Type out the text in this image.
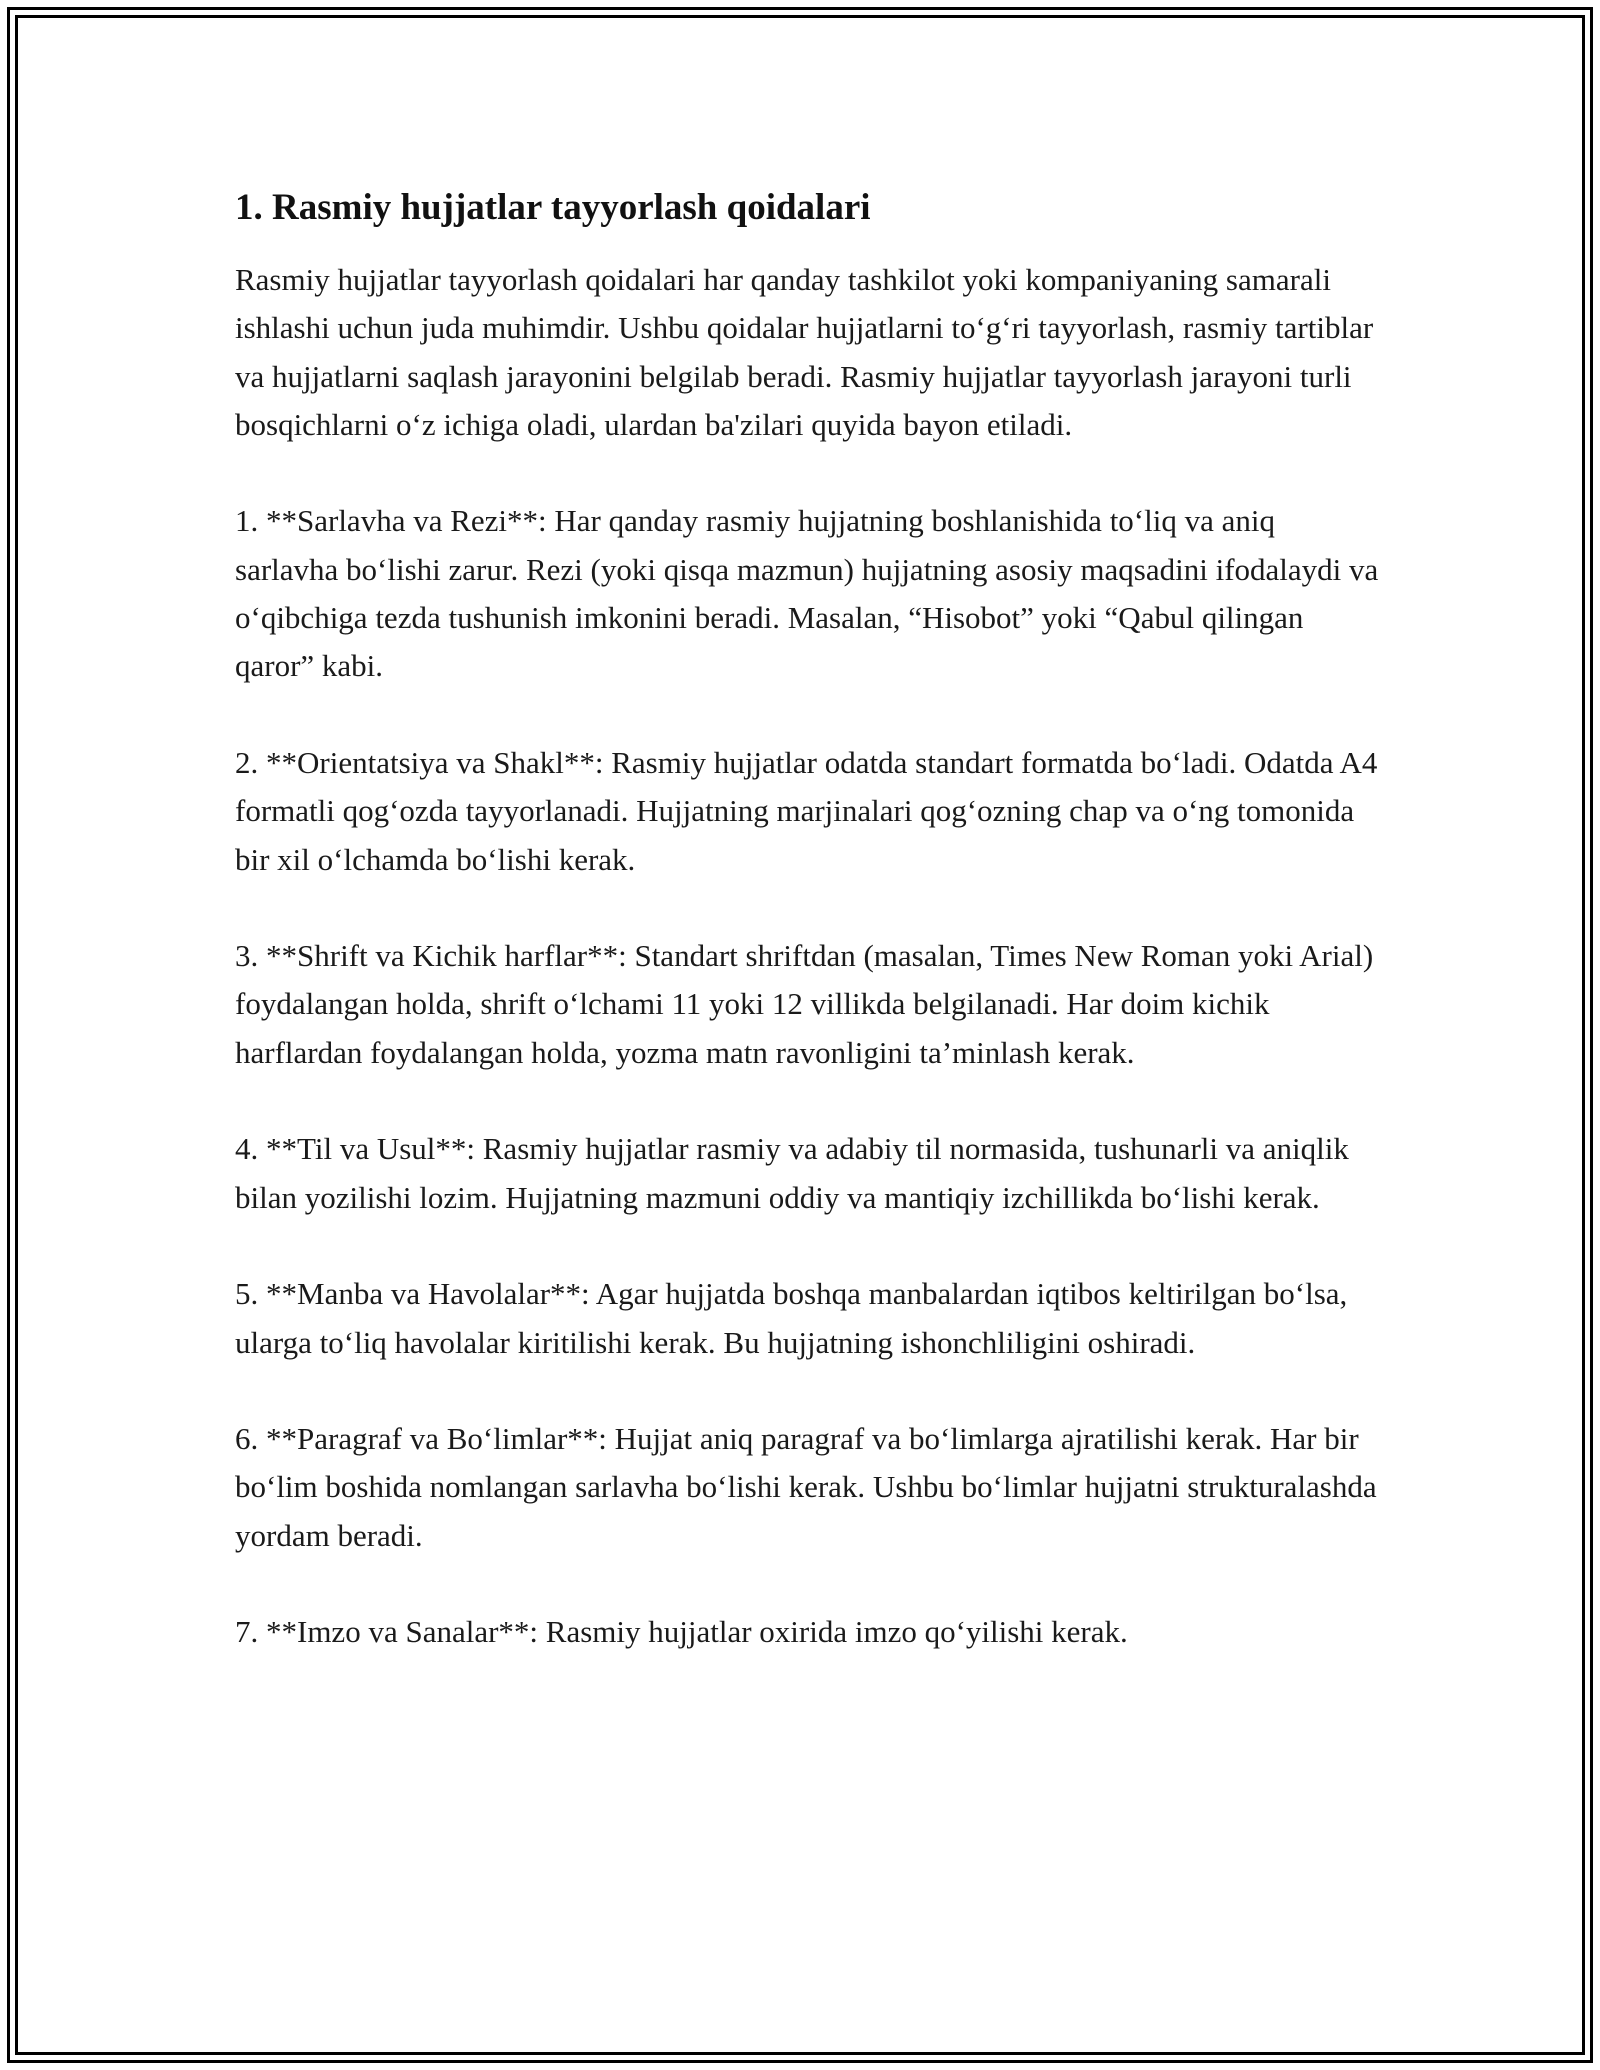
1. Rasmiy hujjatlar tayyorlash qoidalari

Rasmiy hujjatlar tayyorlash qoidalari har qanday tashkilot yoki kompaniyaning samarali ishlashi uchun juda muhimdir. Ushbu qoidalar hujjatlarni to‘g‘ri tayyorlash, rasmiy tartiblar va hujjatlarni saqlash jarayonini belgilab beradi. Rasmiy hujjatlar tayyorlash jarayoni turli bosqichlarni o‘z ichiga oladi, ulardan ba'zilari quyida bayon etiladi.

1. **Sarlavha va Rezi**: Har qanday rasmiy hujjatning boshlanishida to‘liq va aniq sarlavha bo‘lishi zarur. Rezi (yoki qisqa mazmun) hujjatning asosiy maqsadini ifodalaydi va o‘qibchiga tezda tushunish imkonini beradi. Masalan, “Hisobot” yoki “Qabul qilingan qaror” kabi.

2. **Orientatsiya va Shakl**: Rasmiy hujjatlar odatda standart formatda bo‘ladi. Odatda A4 formatli qog‘ozda tayyorlanadi. Hujjatning marjinalari qog‘ozning chap va o‘ng tomonida bir xil o‘lchamda bo‘lishi kerak.

3. **Shrift va Kichik harflar**: Standart shriftdan (masalan, Times New Roman yoki Arial) foydalangan holda, shrift o‘lchami 11 yoki 12 villikda belgilanadi. Har doim kichik harflardan foydalangan holda, yozma matn ravonligini ta’minlash kerak.

4. **Til va Usul**: Rasmiy hujjatlar rasmiy va adabiy til normasida, tushunarli va aniqlik bilan yozilishi lozim. Hujjatning mazmuni oddiy va mantiqiy izchillikda bo‘lishi kerak.

5. **Manba va Havolalar**: Agar hujjatda boshqa manbalardan iqtibos keltirilgan bo‘lsa, ularga to‘liq havolalar kiritilishi kerak. Bu hujjatning ishonchliligini oshiradi.

6. **Paragraf va Bo‘limlar**: Hujjat aniq paragraf va bo‘limlarga ajratilishi kerak. Har bir bo‘lim boshida nomlangan sarlavha bo‘lishi kerak. Ushbu bo‘limlar hujjatni strukturalashda yordam beradi.

7. **Imzo va Sanalar**: Rasmiy hujjatlar oxirida imzo qo‘yilishi kerak.
